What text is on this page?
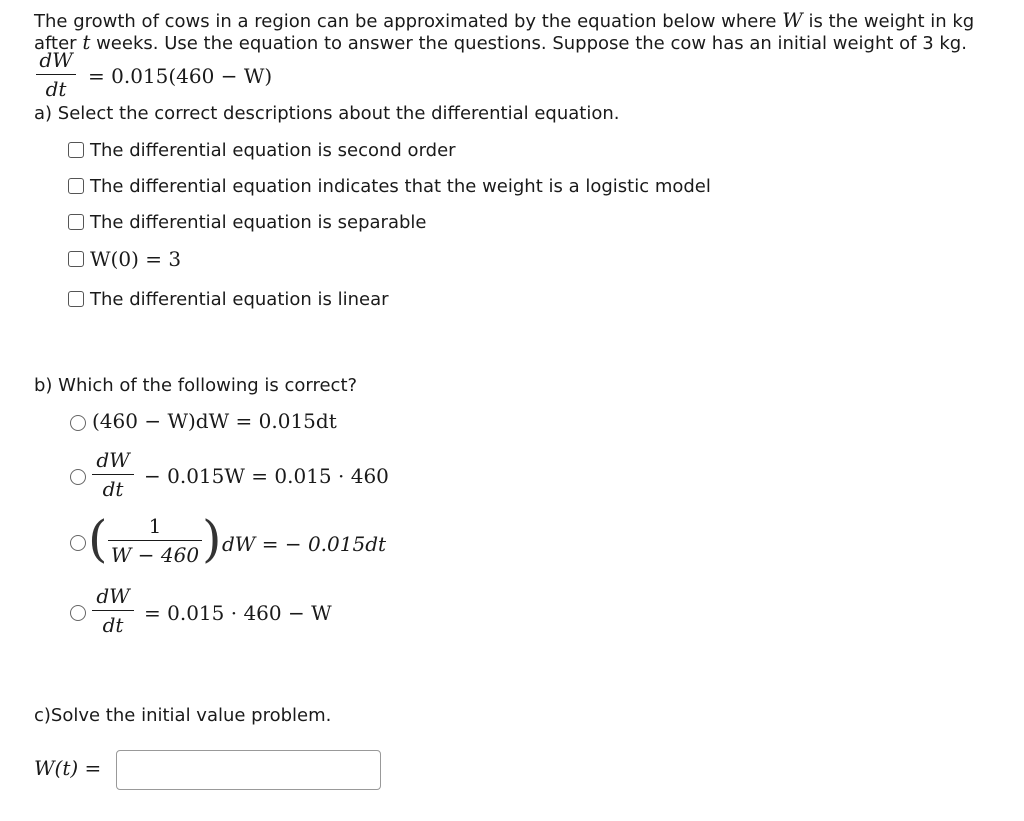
The growth of cows in a region can be approximated by the equation below where W is the weight in kg
after t weeks. Use the equation to answer the questions. Suppose the cow has an initial weight of 3 kg.
dW
dt
= 0.015(460 − W)
a) Select the correct descriptions about the differential equation.
The differential equation is second order
The differential equation indicates that the weight is a logistic model
The differential equation is separable
W(0) = 3
The differential equation is linear
b) Which of the following is correct?
(460 − W)dW = 0.015dt
dW
dt
− 0.015W = 0.015 · 460
(	1
W − 460 ) dW = − 0.015dt
dW
dt	= 0.015 · 460 − W
c)Solve the initial value problem.
W(t) =
